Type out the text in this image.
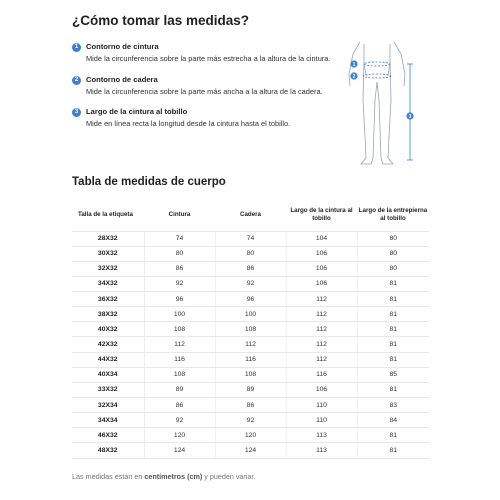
¿Cómo tomar las medidas?
1	Contorno de cintura
Mide la circunferencia sobre la parte más estrecha a la altura de la cintura.
2	Contorno de cadera
Mide la circunferencia sobre la parte más ancha a la altura de la cadera.
3	Largo de la cintura al tobillo
Mide en línea recta la longitud desde la cintura hasta el tobillo.
1
2
3
Tabla de medidas de cuerpo
Talla de la etiqueta	Cintura	Cadera	Largo de la cintura al tobillo	Largo de la entrepierna al tobillo
28X32	74	74	104	80
30X32	80	80	106	80
32X32	86	86	106	80
34X32	92	92	106	81
36X32	96	96	112	81
38X32	100	100	112	81
40X32	108	108	112	81
42X32	112	112	112	81
44X32	116	116	112	81
40X34	108	108	116	85
33X32	89	89	106	81
32X34	86	86	110	83
34X34	92	92	110	84
46X32	120	120	113	81
48X32	124	124	113	81
Las medidas están en centímetros (cm) y pueden variar.
